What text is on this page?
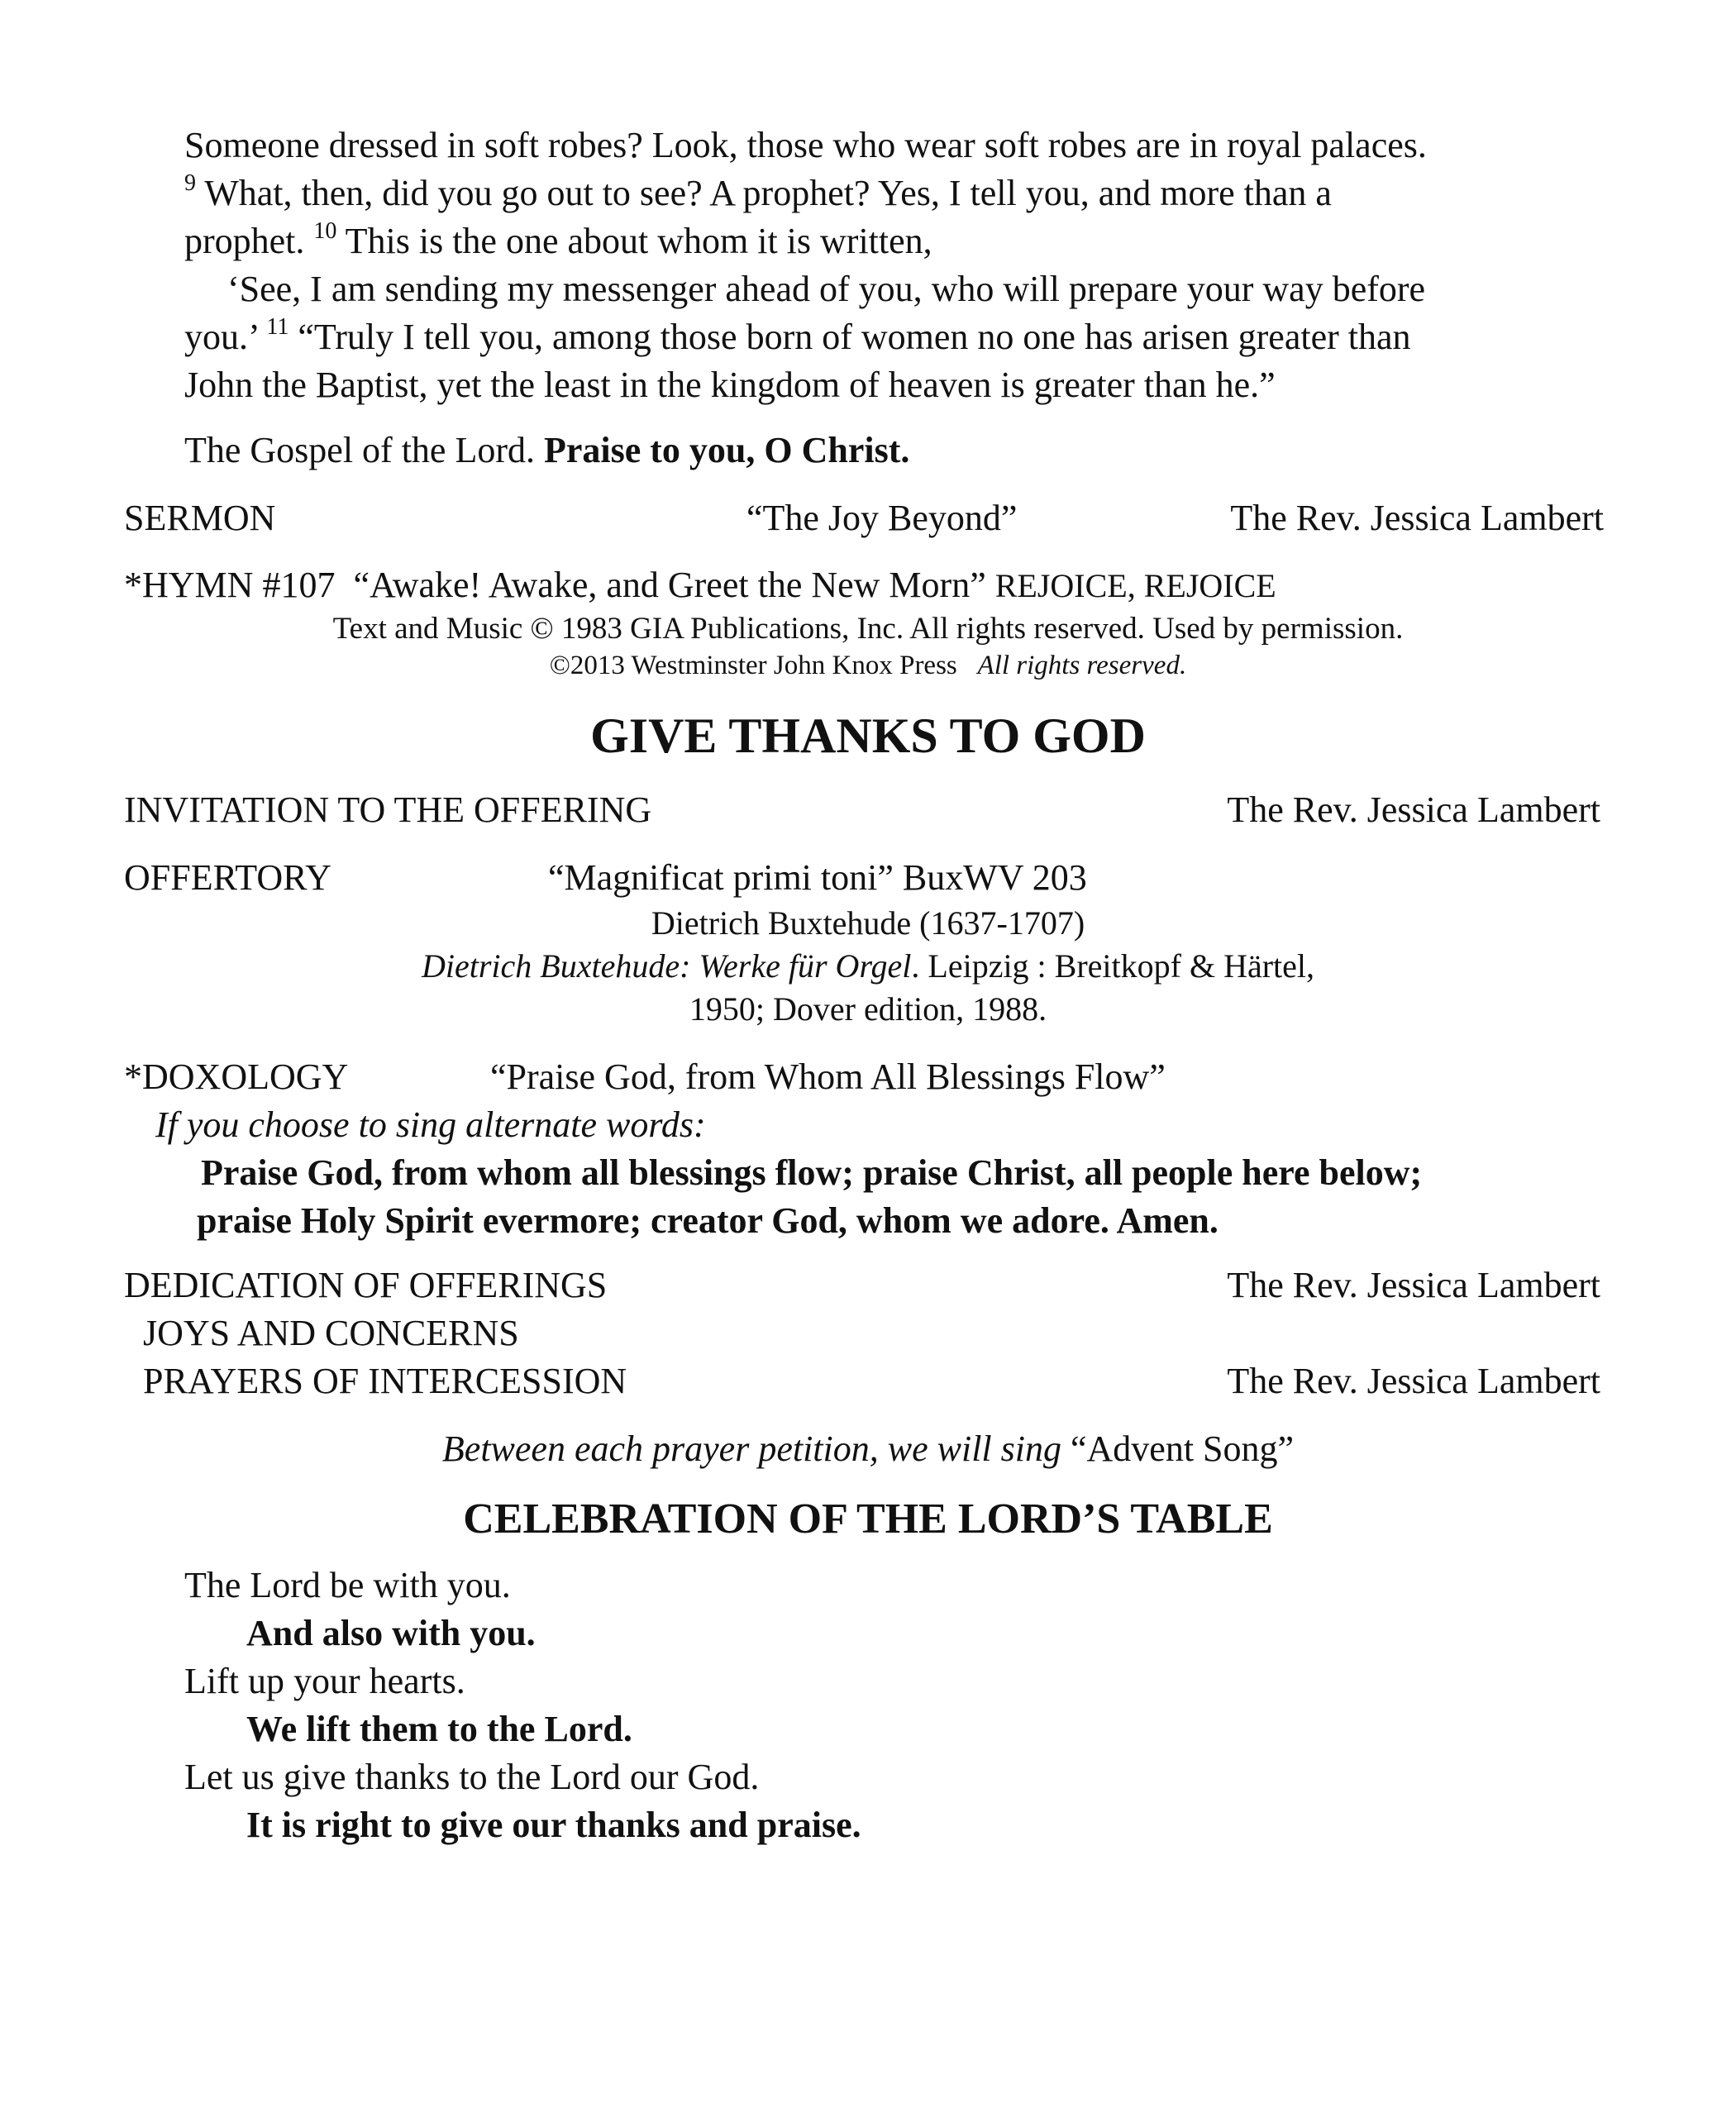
Someone dressed in soft robes? Look, those who wear soft robes are in royal palaces.
$^9$ What, then, did you go out to see? A prophet? Yes, I tell you, and more than a
prophet. $^{10}$ This is the one about whom it is written,
‘See, I am sending my messenger ahead of you, who will prepare your way before
you.’ $^{11}$ “Truly I tell you, among those born of women no one has arisen greater than
John the Baptist, yet the least in the kingdom of heaven is greater than he.”
The Gospel of the Lord. Praise to you, O Christ.
SERMON	“The Joy Beyond”	The Rev. Jessica Lambert
*HYMN #107 “Awake! Awake, and Greet the New Morn” REJOICE, REJOICE
Text and Music © 1983 GIA Publications, Inc. All rights reserved. Used by permission.
©2013 Westminster John Knox Press All rights reserved.
GIVE THANKS TO GOD
INVITATION TO THE OFFERING	The Rev. Jessica Lambert
OFFERTORY	“Magnificat primi toni” BuxWV 203
Dietrich Buxtehude (1637-1707)
Dietrich Buxtehude: Werke für Orgel. Leipzig : Breitkopf & Härtel,
1950; Dover edition, 1988.
*DOXOLOGY	“Praise God, from Whom All Blessings Flow”
If you choose to sing alternate words:
Praise God, from whom all blessings flow; praise Christ, all people here below;
praise Holy Spirit evermore; creator God, whom we adore. Amen.
DEDICATION OF OFFERINGS	The Rev. Jessica Lambert
JOYS AND CONCERNS
PRAYERS OF INTERCESSION	The Rev. Jessica Lambert
Between each prayer petition, we will sing “Advent Song”
CELEBRATION OF THE LORD’S TABLE
The Lord be with you.
And also with you.
Lift up your hearts.
We lift them to the Lord.
Let us give thanks to the Lord our God.
It is right to give our thanks and praise.
